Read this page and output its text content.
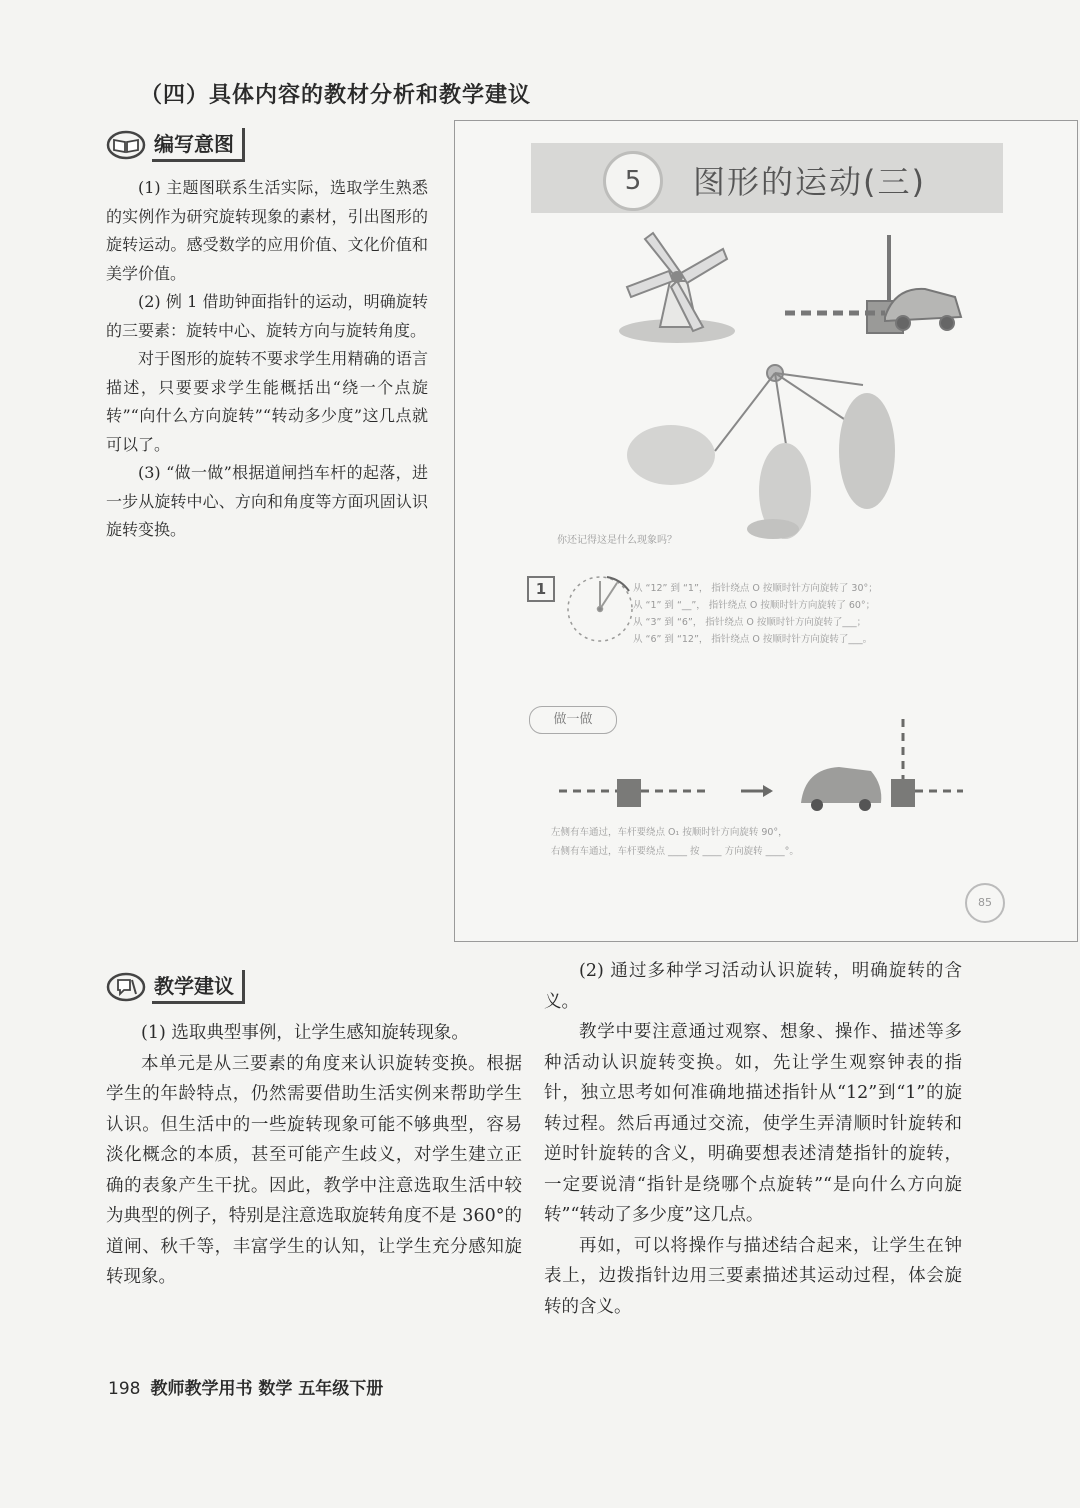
（四）具体内容的教材分析和教学建议
编写意图

(1) 主题图联系生活实际，选取学生熟悉的实例作为研究旋转现象的素材，引出图形的旋转运动。感受数学的应用价值、文化价值和美学价值。

(2) 例 1 借助钟面指针的运动，明确旋转的三要素：旋转中心、旋转方向与旋转角度。

对于图形的旋转不要求学生用精确的语言描述，只要要求学生能概括出“绕一个点旋转”“向什么方向旋转”“转动多少度”这几点就可以了。

(3) “做一做”根据道闸挡车杆的起落，进一步从旋转中心、方向和角度等方面巩固认识旋转变换。

5	图形的运动(三)
你还记得这是什么现象吗？
1	从 “12” 到 “1”， 指针绕点 O 按顺时针方向旋转了 30°；
从 “1” 到 “__”， 指针绕点 O 按顺时针方向旋转了 60°；
从 “3” 到 “6”， 指针绕点 O 按顺时针方向旋转了___；
从 “6” 到 “12”， 指针绕点 O 按顺时针方向旋转了___。
做一做
左侧有车通过，车杆要绕点 O₁ 按顺时针方向旋转 90°，
右侧有车通过，车杆要绕点 ____ 按 ____ 方向旋转 ____°。
85
教学建议

(1) 选取典型事例，让学生感知旋转现象。

本单元是从三要素的角度来认识旋转变换。根据学生的年龄特点，仍然需要借助生活实例来帮助学生认识。但生活中的一些旋转现象可能不够典型，容易淡化概念的本质，甚至可能产生歧义，对学生建立正确的表象产生干扰。因此，教学中注意选取生活中较为典型的例子，特别是注意选取旋转角度不是 360°的道闸、秋千等，丰富学生的认知，让学生充分感知旋转现象。

(2) 通过多种学习活动认识旋转，明确旋转的含义。

教学中要注意通过观察、想象、操作、描述等多种活动认识旋转变换。如，先让学生观察钟表的指针，独立思考如何准确地描述指针从“12”到“1”的旋转过程。然后再通过交流，使学生弄清顺时针旋转和逆时针旋转的含义，明确要想表述清楚指针的旋转，一定要说清“指针是绕哪个点旋转”“是向什么方向旋转”“转动了多少度”这几点。

再如，可以将操作与描述结合起来，让学生在钟表上，边拨指针边用三要素描述其运动过程，体会旋转的含义。

198 教师教学用书 数学 五年级下册
